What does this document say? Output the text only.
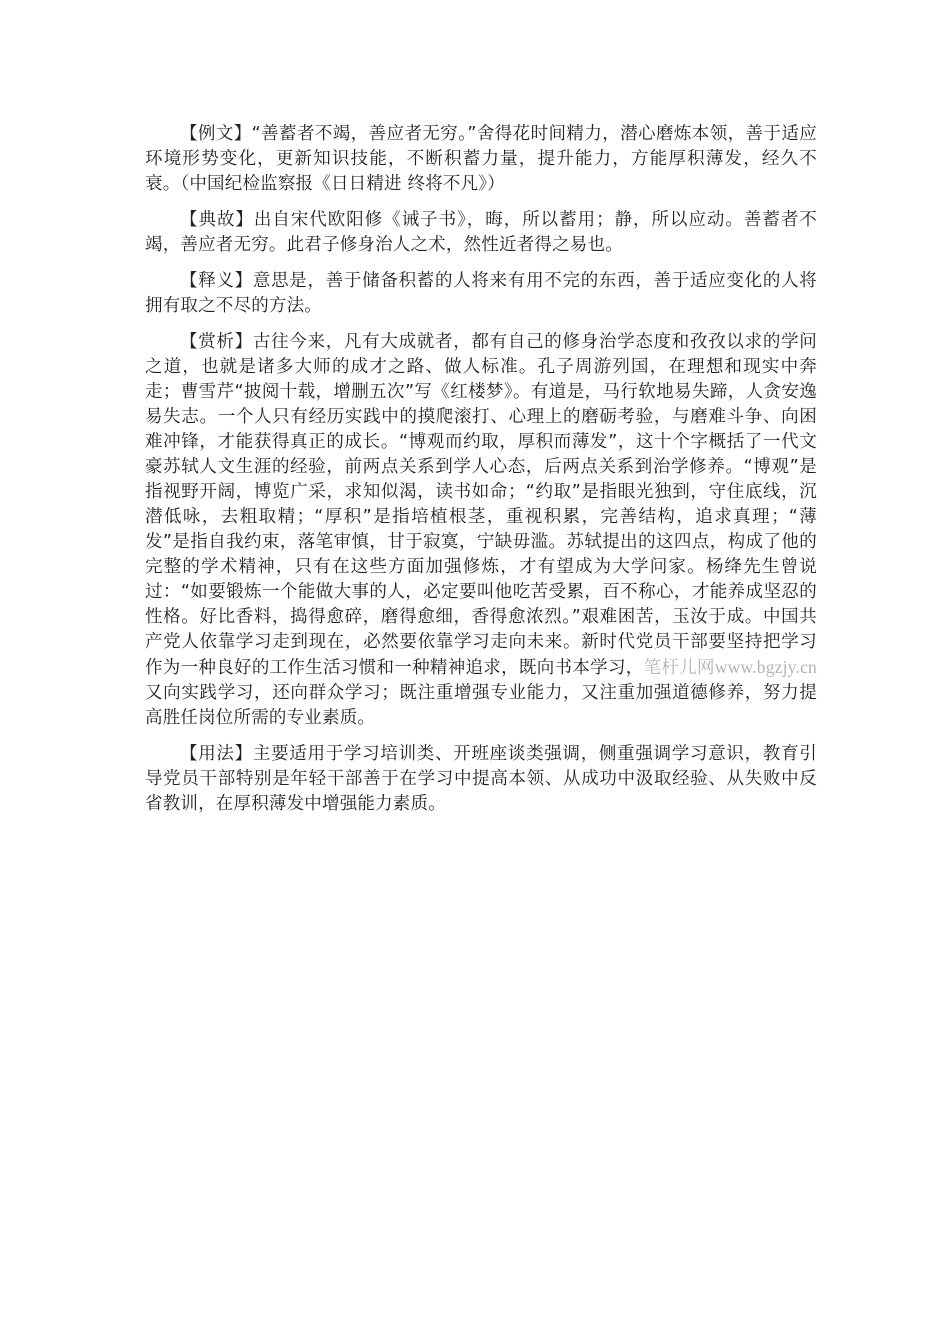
【例文】“善蓄者不竭，善应者无穷。”舍得花时间精力，潜心磨炼本领，善于适应环境形势变化，更新知识技能，不断积蓄力量，提升能力，方能厚积薄发，经久不衰。（中国纪检监察报《日日精进 终将不凡》）

【典故】出自宋代欧阳修《诫子书》，晦，所以蓄用；静，所以应动。善蓄者不竭，善应者无穷。此君子修身治人之术，然性近者得之易也。

【释义】意思是，善于储备积蓄的人将来有用不完的东西，善于适应变化的人将拥有取之不尽的方法。

【赏析】古往今来，凡有大成就者，都有自己的修身治学态度和孜孜以求的学问之道，也就是诸多大师的成才之路、做人标准。孔子周游列国，在理想和现实中奔走；曹雪芹“披阅十载，增删五次”写《红楼梦》。有道是，马行软地易失蹄，人贪安逸易失志。一个人只有经历实践中的摸爬滚打、心理上的磨砺考验，与磨难斗争、向困难冲锋，才能获得真正的成长。“博观而约取，厚积而薄发”，这十个字概括了一代文豪苏轼人文生涯的经验，前两点关系到学人心态，后两点关系到治学修养。“博观”是指视野开阔，博览广采，求知似渴，读书如命；“约取”是指眼光独到，守住底线，沉潜低咏，去粗取精；“厚积”是指培植根茎，重视积累，完善结构，追求真理；“薄发”是指自我约束，落笔审慎，甘于寂寞，宁缺毋滥。苏轼提出的这四点，构成了他的完整的学术精神，只有在这些方面加强修炼，才有望成为大学问家。杨绛先生曾说过：“如要锻炼一个能做大事的人，必定要叫他吃苦受累，百不称心，才能养成坚忍的性格。好比香料，捣得愈碎，磨得愈细，香得愈浓烈。”艰难困苦，玉汝于成。中国共产党人依靠学习走到现在，必然要依靠学习走向未来。新时代党员干部要坚持把学习作为一种良好的工作生活习惯和一种精神追求，既向书本学习，笔杆儿网www.bgzjy.cn又向实践学习，还向群众学习；既注重增强专业能力，又注重加强道德修养，努力提高胜任岗位所需的专业素质。

【用法】主要适用于学习培训类、开班座谈类强调，侧重强调学习意识，教育引导党员干部特别是年轻干部善于在学习中提高本领、从成功中汲取经验、从失败中反省教训，在厚积薄发中增强能力素质。
